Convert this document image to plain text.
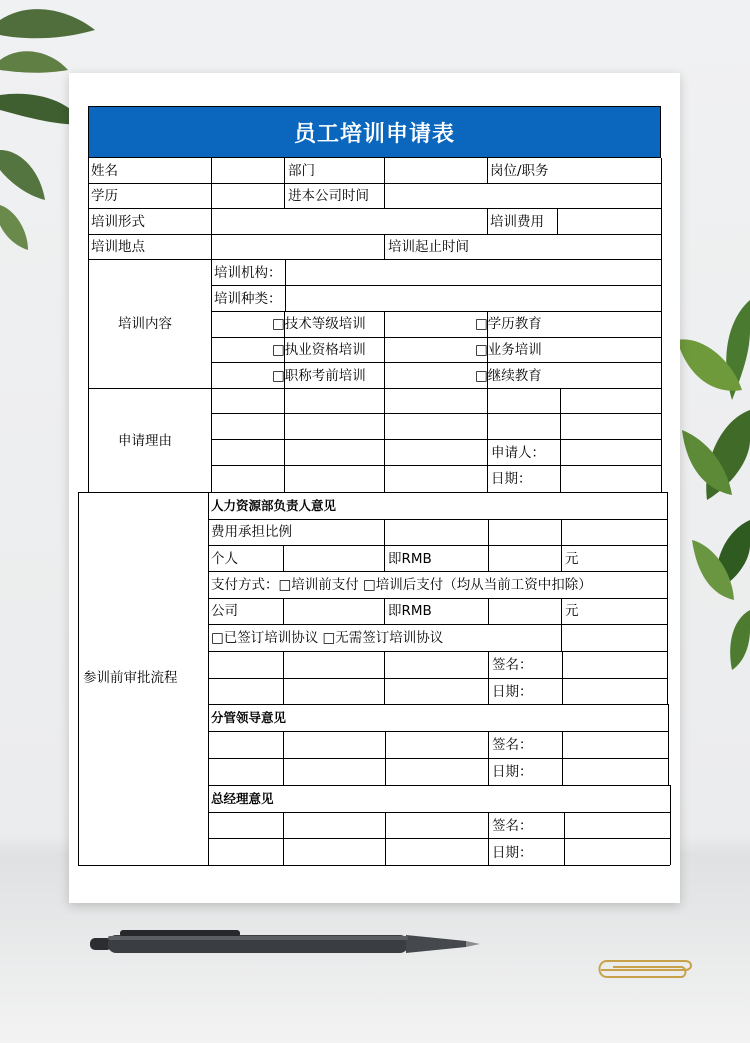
员工培训申请表
姓名	部门	岗位/职务
学历	进本公司时间
培训形式	培训费用
培训地点	培训起止时间
培训内容
培训机构：
培训种类：
□技术等级培训	□学历教育
□执业资格培训	□业务培训
□职称考前培训	□继续教育
申请理由
申请人：
日期：
参训前审批流程
人力资源部负责人意见
费用承担比例
个人	即RMB	元
支付方式：□培训前支付 □培训后支付（均从当前工资中扣除）
公司	即RMB	元
□已签订培训协议 □无需签订培训协议
签名：
日期：
分管领导意见
签名：
日期：
总经理意见
签名：
日期：
